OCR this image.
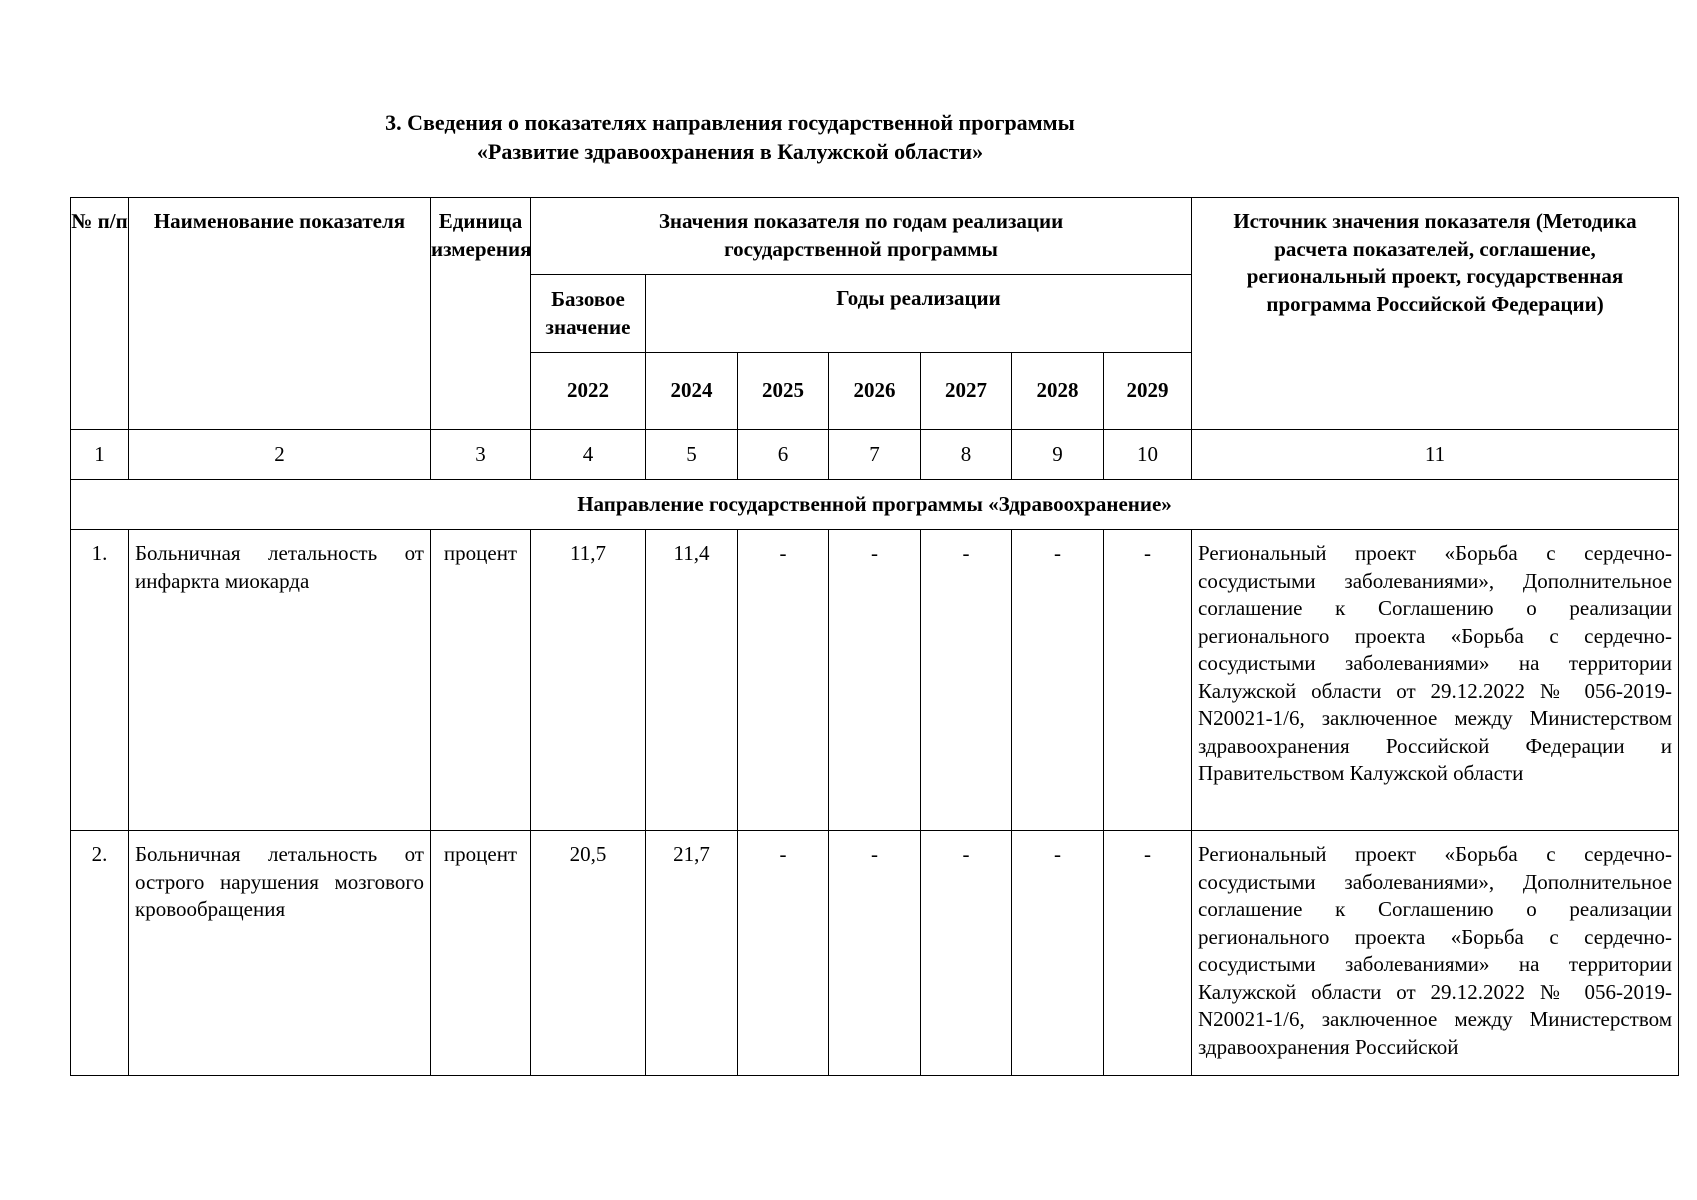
3. Сведения о показателях направления государственной программы
«Развитие здравоохранения в Калужской области»
№ п/п	Наименование показателя	Единица измерения	Значения показателя по годам реализации государственной программы							Источник значения показателя (Методика расчета показателей, соглашение, региональный проект, государственная программа Российской Федерации)
			Базовое значение	Годы реализации						
			2022	2024	2025	2026	2027	2028	2029	
1	2	3	4	5	6	7	8	9	10	11
Направление государственной программы «Здравоохранение»										
1.	Больничная летальность от инфаркта миокарда	процент	11,7	11,4	-	-	-	-	-	Региональный проект «Борьба с сердечно-сосудистыми заболеваниями», Дополнительное соглашение к Соглашению о реализации регионального проекта «Борьба с сердечно-сосудистыми заболеваниями» на территории Калужской области от 29.12.2022 № 056-2019-N20021-1/6, заключенное между Министерством здравоохранения Российской Федерации и Правительством Калужской области
2.	Больничная летальность от острого нарушения мозгового кровообращения	процент	20,5	21,7	-	-	-	-	-	Региональный проект «Борьба с сердечно-сосудистыми заболеваниями», Дополнительное соглашение к Соглашению о реализации регионального проекта «Борьба с сердечно-сосудистыми заболеваниями» на территории Калужской области от 29.12.2022 № 056-2019-N20021-1/6, заключенное между Министерством здравоохранения Российской
